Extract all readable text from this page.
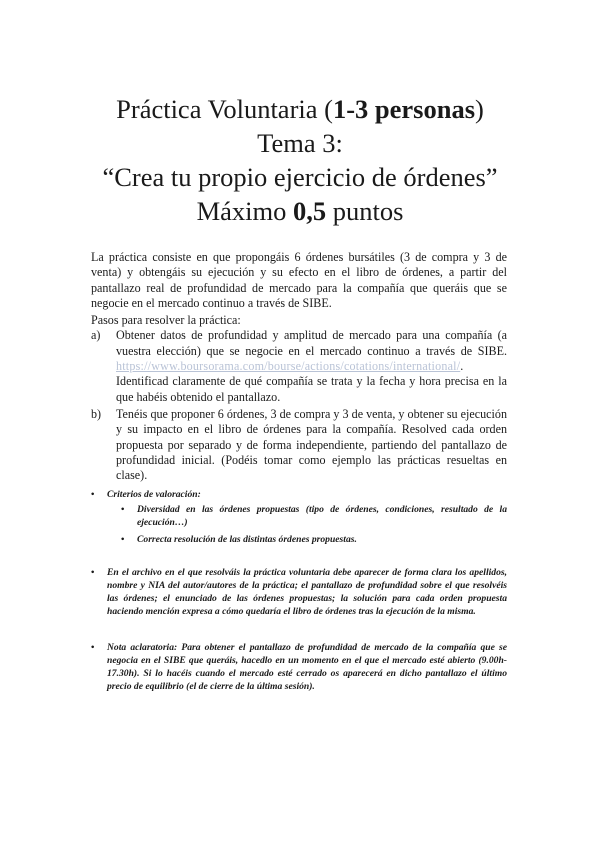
Práctica Voluntaria (1-3 personas)
Tema 3:
“Crea tu propio ejercicio de órdenes”
Máximo 0,5 puntos

La práctica consiste en que propongáis 6 órdenes bursátiles (3 de compra y 3 de venta) y obtengáis su ejecución y su efecto en el libro de órdenes, a partir del pantallazo real de profundidad de mercado para la compañía que queráis que se negocie en el mercado continuo a través de SIBE.

Pasos para resolver la práctica:

a) Obtener datos de profundidad y amplitud de mercado para una compañía (a vuestra elección) que se negocie en el mercado continuo a través de SIBE. https://www.boursorama.com/bourse/actions/cotations/international/. Identificad claramente de qué compañía se trata y la fecha y hora precisa en la que habéis obtenido el pantallazo.
b) Tenéis que proponer 6 órdenes, 3 de compra y 3 de venta, y obtener su ejecución y su impacto en el libro de órdenes para la compañía. Resolved cada orden propuesta por separado y de forma independiente, partiendo del pantallazo de profundidad inicial. (Podéis tomar como ejemplo las prácticas resueltas en clase).
• Criterios de valoración:
• Diversidad en las órdenes propuestas (tipo de órdenes, condiciones, resultado de la ejecución…)
• Correcta resolución de las distintas órdenes propuestas.
• En el archivo en el que resolváis la práctica voluntaria debe aparecer de forma clara los apellidos, nombre y NIA del autor/autores de la práctica; el pantallazo de profundidad sobre el que resolvéis las órdenes; el enunciado de las órdenes propuestas; la solución para cada orden propuesta haciendo mención expresa a cómo quedaría el libro de órdenes tras la ejecución de la misma.
• Nota aclaratoria: Para obtener el pantallazo de profundidad de mercado de la compañía que se negocia en el SIBE que queráis, hacedlo en un momento en el que el mercado esté abierto (9.00h-17.30h). Si lo hacéis cuando el mercado esté cerrado os aparecerá en dicho pantallazo el último precio de equilibrio (el de cierre de la última sesión).
